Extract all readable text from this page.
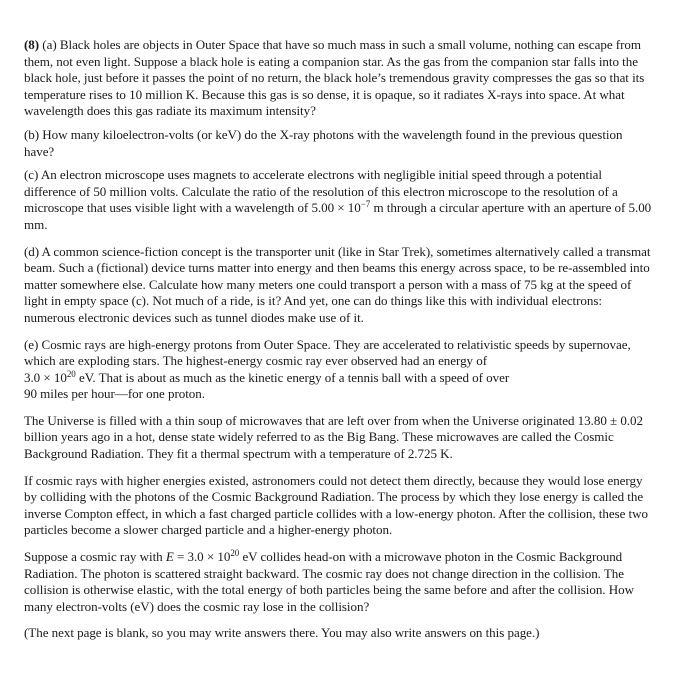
(8) (a) Black holes are objects in Outer Space that have so much mass in such a small volume, nothing can escape from them, not even light. Suppose a black hole is eating a companion star. As the gas from the companion star falls into the black hole, just before it passes the point of no return, the black hole’s tremendous gravity compresses the gas so that its temperature rises to 10 million K. Because this gas is so dense, it is opaque, so it radiates X-rays into space. At what wavelength does this gas radiate its maximum intensity?

(b) How many kiloelectron-volts (or keV) do the X-ray photons with the wavelength found in the previous question have?

(c) An electron microscope uses magnets to accelerate electrons with negligible initial speed through a potential difference of 50 million volts. Calculate the ratio of the resolution of this electron microscope to the resolution of a microscope that uses visible light with a wavelength of $5.00 \times 10^{-7}$ m through a circular aperture with an aperture of 5.00 mm.

(d) A common science-fiction concept is the transporter unit (like in Star Trek), sometimes alternatively called a transmat beam. Such a (fictional) device turns matter into energy and then beams this energy across space, to be re-assembled into matter somewhere else. Calculate how many meters one could transport a person with a mass of 75 kg at the speed of light in empty space (c). Not much of a ride, is it? And yet, one can do things like this with individual electrons: numerous electronic devices such as tunnel diodes make use of it.

(e) Cosmic rays are high-energy protons from Outer Space. They are accelerated to relativistic speeds by supernovae, which are exploding stars. The highest-energy cosmic ray ever observed had an energy of
$3.0 \times 10^{20}$ eV. That is about as much as the kinetic energy of a tennis ball with a speed of over
90 miles per hour—for one proton.

The Universe is filled with a thin soup of microwaves that are left over from when the Universe originated 13.80 ± 0.02 billion years ago in a hot, dense state widely referred to as the Big Bang. These microwaves are called the Cosmic Background Radiation. They fit a thermal spectrum with a temperature of 2.725 K.

If cosmic rays with higher energies existed, astronomers could not detect them directly, because they would lose energy by colliding with the photons of the Cosmic Background Radiation. The process by which they lose energy is called the inverse Compton effect, in which a fast charged particle collides with a low-energy photon. After the collision, these two particles become a slower charged particle and a higher-energy photon.

Suppose a cosmic ray with $E = 3.0 \times 10^{20}$ eV collides head-on with a microwave photon in the Cosmic Background Radiation. The photon is scattered straight backward. The cosmic ray does not change direction in the collision. The collision is otherwise elastic, with the total energy of both particles being the same before and after the collision. How many electron-volts (eV) does the cosmic ray lose in the collision?

(The next page is blank, so you may write answers there. You may also write answers on this page.)
